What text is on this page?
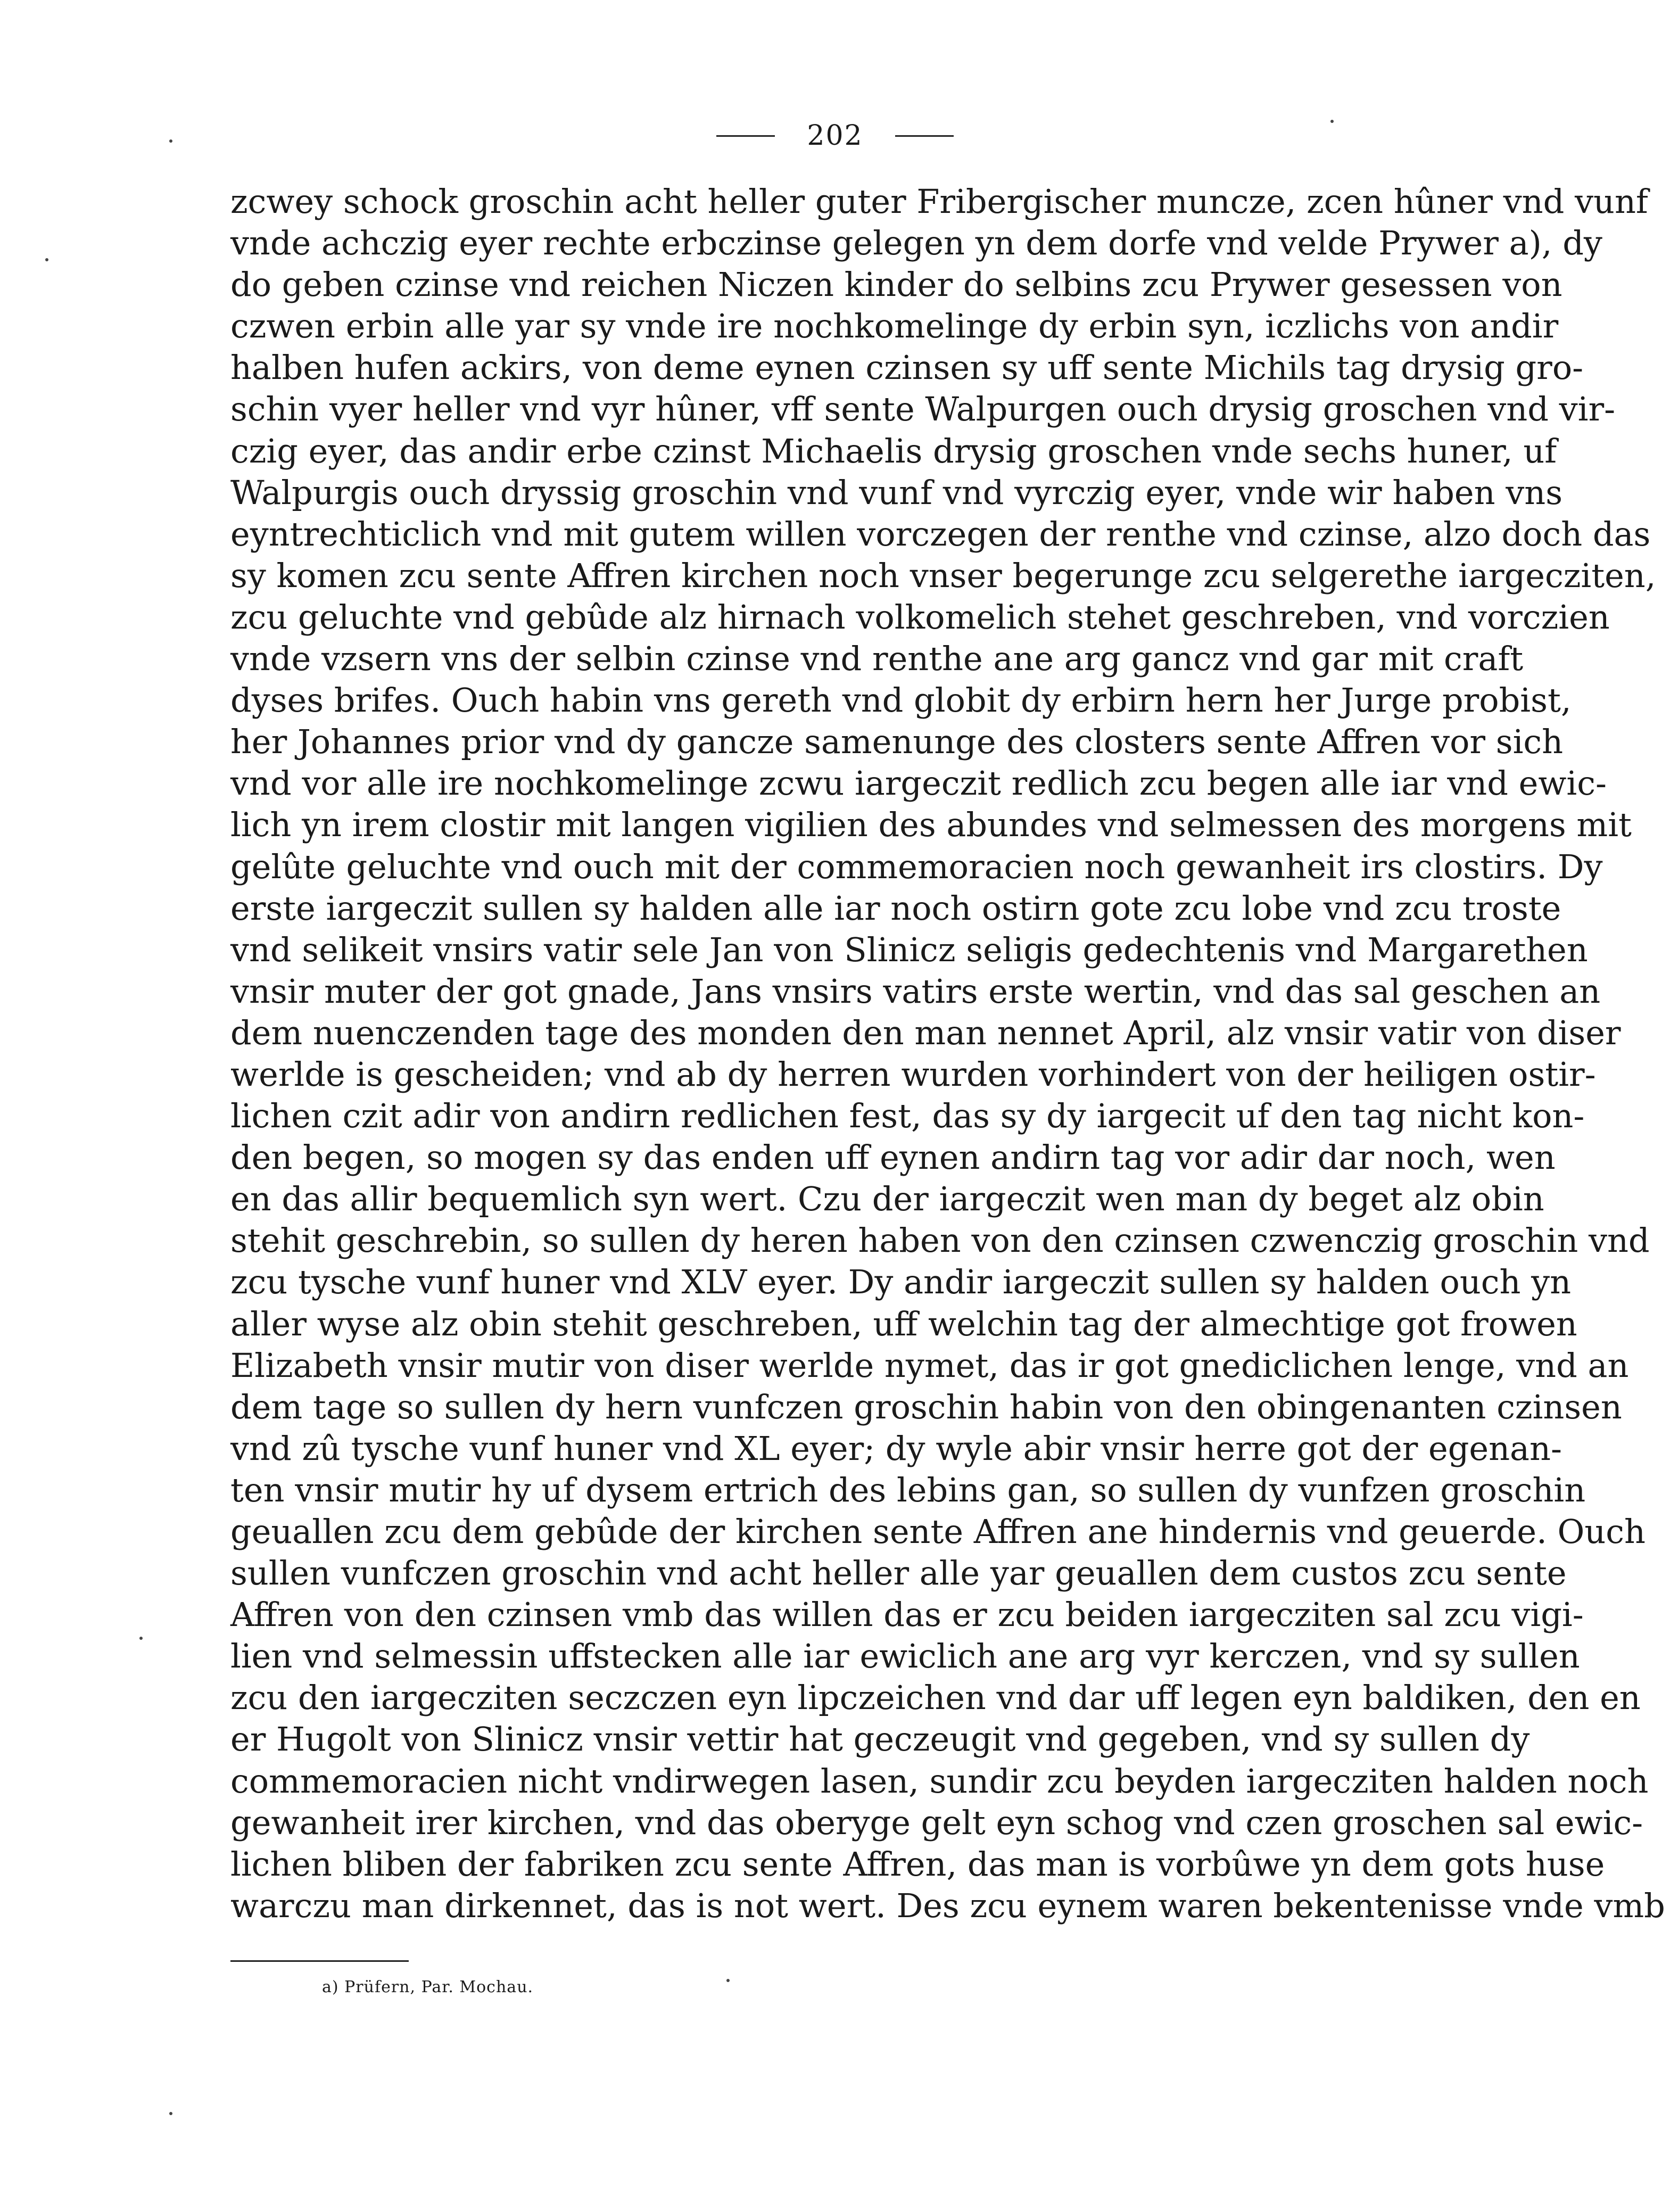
202
zcwey schock groschin acht heller guter Fribergischer muncze, zcen hûner vnd vunf
vnde achczig eyer rechte erbczinse gelegen yn dem dorfe vnd velde Prywer a), dy
do geben czinse vnd reichen Niczen kinder do selbins zcu Prywer gesessen von
czwen erbin alle yar sy vnde ire nochkomelinge dy erbin syn, iczlichs von andir
halben hufen ackirs, von deme eynen czinsen sy uff sente Michils tag drysig gro-
schin vyer heller vnd vyr hûner, vff sente Walpurgen ouch drysig groschen vnd vir-
czig eyer, das andir erbe czinst Michaelis drysig groschen vnde sechs huner, uf
Walpurgis ouch dryssig groschin vnd vunf vnd vyrczig eyer, vnde wir haben vns
eyntrechticlich vnd mit gutem willen vorczegen der renthe vnd czinse, alzo doch das
sy komen zcu sente Affren kirchen noch vnser begerunge zcu selgerethe iargecziten,
zcu geluchte vnd gebûde alz hirnach volkomelich stehet geschreben, vnd vorczien
vnde vzsern vns der selbin czinse vnd renthe ane arg gancz vnd gar mit craft
dyses brifes. Ouch habin vns gereth vnd globit dy erbirn hern her Jurge probist,
her Johannes prior vnd dy gancze samenunge des closters sente Affren vor sich
vnd vor alle ire nochkomelinge zcwu iargeczit redlich zcu begen alle iar vnd ewic-
lich yn irem clostir mit langen vigilien des abundes vnd selmessen des morgens mit
gelûte geluchte vnd ouch mit der commemoracien noch gewanheit irs clostirs. Dy
erste iargeczit sullen sy halden alle iar noch ostirn gote zcu lobe vnd zcu troste
vnd selikeit vnsirs vatir sele Jan von Slinicz seligis gedechtenis vnd Margarethen
vnsir muter der got gnade, Jans vnsirs vatirs erste wertin, vnd das sal geschen an
dem nuenczenden tage des monden den man nennet April, alz vnsir vatir von diser
werlde is gescheiden; vnd ab dy herren wurden vorhindert von der heiligen ostir-
lichen czit adir von andirn redlichen fest, das sy dy iargecit uf den tag nicht kon-
den begen, so mogen sy das enden uff eynen andirn tag vor adir dar noch, wen
en das allir bequemlich syn wert. Czu der iargeczit wen man dy beget alz obin
stehit geschrebin, so sullen dy heren haben von den czinsen czwenczig groschin vnd
zcu tysche vunf huner vnd XLV eyer. Dy andir iargeczit sullen sy halden ouch yn
aller wyse alz obin stehit geschreben, uff welchin tag der almechtige got frowen
Elizabeth vnsir mutir von diser werlde nymet, das ir got gnediclichen lenge, vnd an
dem tage so sullen dy hern vunfczen groschin habin von den obingenanten czinsen
vnd zû tysche vunf huner vnd XL eyer; dy wyle abir vnsir herre got der egenan-
ten vnsir mutir hy uf dysem ertrich des lebins gan, so sullen dy vunfzen groschin
geuallen zcu dem gebûde der kirchen sente Affren ane hindernis vnd geuerde. Ouch
sullen vunfczen groschin vnd acht heller alle yar geuallen dem custos zcu sente
Affren von den czinsen vmb das willen das er zcu beiden iargecziten sal zcu vigi-
lien vnd selmessin uffstecken alle iar ewiclich ane arg vyr kerczen, vnd sy sullen
zcu den iargecziten seczczen eyn lipczeichen vnd dar uff legen eyn baldiken, den en
er Hugolt von Slinicz vnsir vettir hat geczeugit vnd gegeben, vnd sy sullen dy
commemoracien nicht vndirwegen lasen, sundir zcu beyden iargecziten halden noch
gewanheit irer kirchen, vnd das oberyge gelt eyn schog vnd czen groschen sal ewic-
lichen bliben der fabriken zcu sente Affren, das man is vorbûwe yn dem gots huse
warczu man dirkennet, das is not wert. Des zcu eynem waren bekentenisse vnde vmb
a) Prüfern, Par. Mochau.
